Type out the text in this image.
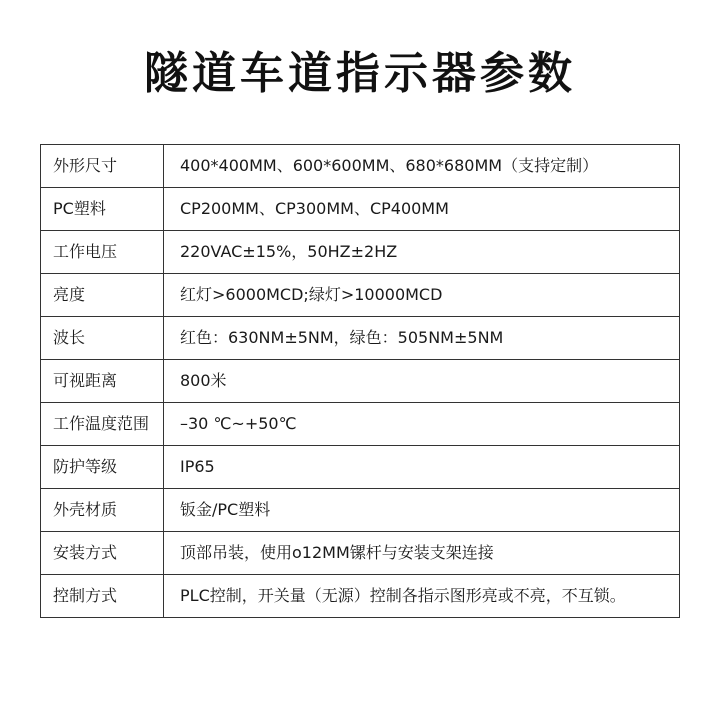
隧道车道指示器参数
外形尺寸	400*400MM、600*600MM、680*680MM（支持定制）
PC塑料	CP200MM、CP300MM、CP400MM
工作电压	220VAC±15%，50HZ±2HZ
亮度	红灯>6000MCD;绿灯>10000MCD
波长	红色：630NM±5NM，绿色：505NM±5NM
可视距离	800米
工作温度范围	–30 ℃~+50℃
防护等级	IP65
外壳材质	钣金/PC塑料
安装方式	顶部吊装，使用o12MM镙杆与安装支架连接
控制方式	PLC控制，开关量（无源）控制各指示图形亮或不亮，不互锁。
